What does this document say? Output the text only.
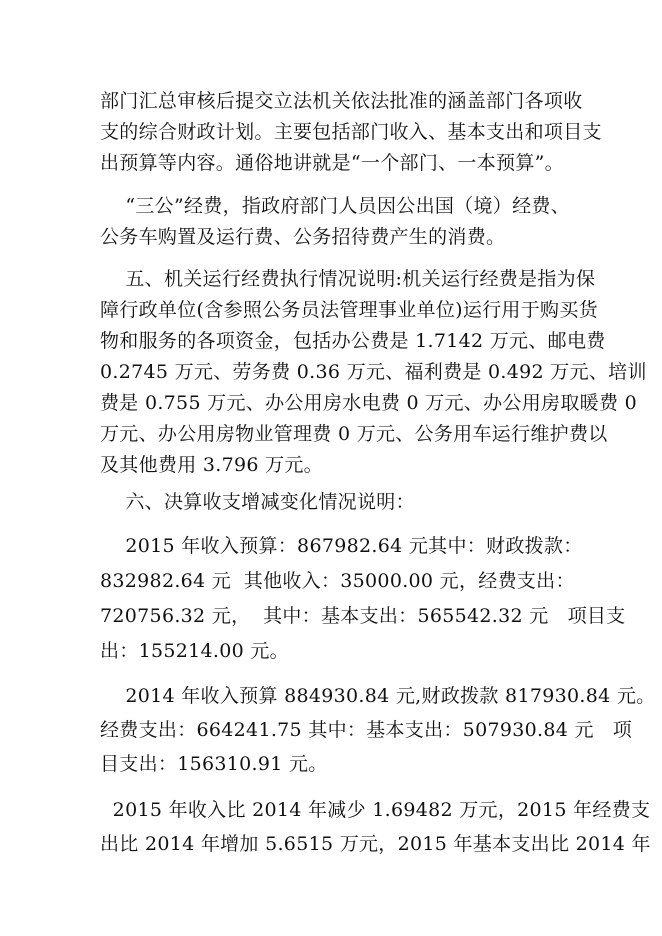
部门汇总审核后提交立法机关依法批准的涵盖部门各项收
支的综合财政计划。主要包括部门收入、基本支出和项目支
出预算等内容。通俗地讲就是“一个部门、一本预算”。
“三公”经费，指政府部门人员因公出国（境）经费、
公务车购置及运行费、公务招待费产生的消费。
五、机关运行经费执行情况说明:机关运行经费是指为保
障行政单位(含参照公务员法管理事业单位)运行用于购买货
物和服务的各项资金，包括办公费是 1.7142 万元、邮电费
0.2745 万元、劳务费 0.36 万元、福利费是 0.492 万元、培训
费是 0.755 万元、办公用房水电费 0 万元、办公用房取暖费 0
万元、办公用房物业管理费 0 万元、公务用车运行维护费以
及其他费用 3.796 万元。
六、决算收支增减变化情况说明：
2015 年收入预算：867982.64 元其中：财政拨款：
832982.64 元  其他收入：35000.00 元，经费支出：
720756.32 元，  其中：基本支出：565542.32 元   项目支
出：155214.00 元。
2014 年收入预算 884930.84 元,财政拨款 817930.84 元。
经费支出：664241.75 其中：基本支出：507930.84 元   项
目支出：156310.91 元。
2015 年收入比 2014 年减少 1.69482 万元，2015 年经费支
出比 2014 年增加 5.6515 万元，2015 年基本支出比 2014 年
